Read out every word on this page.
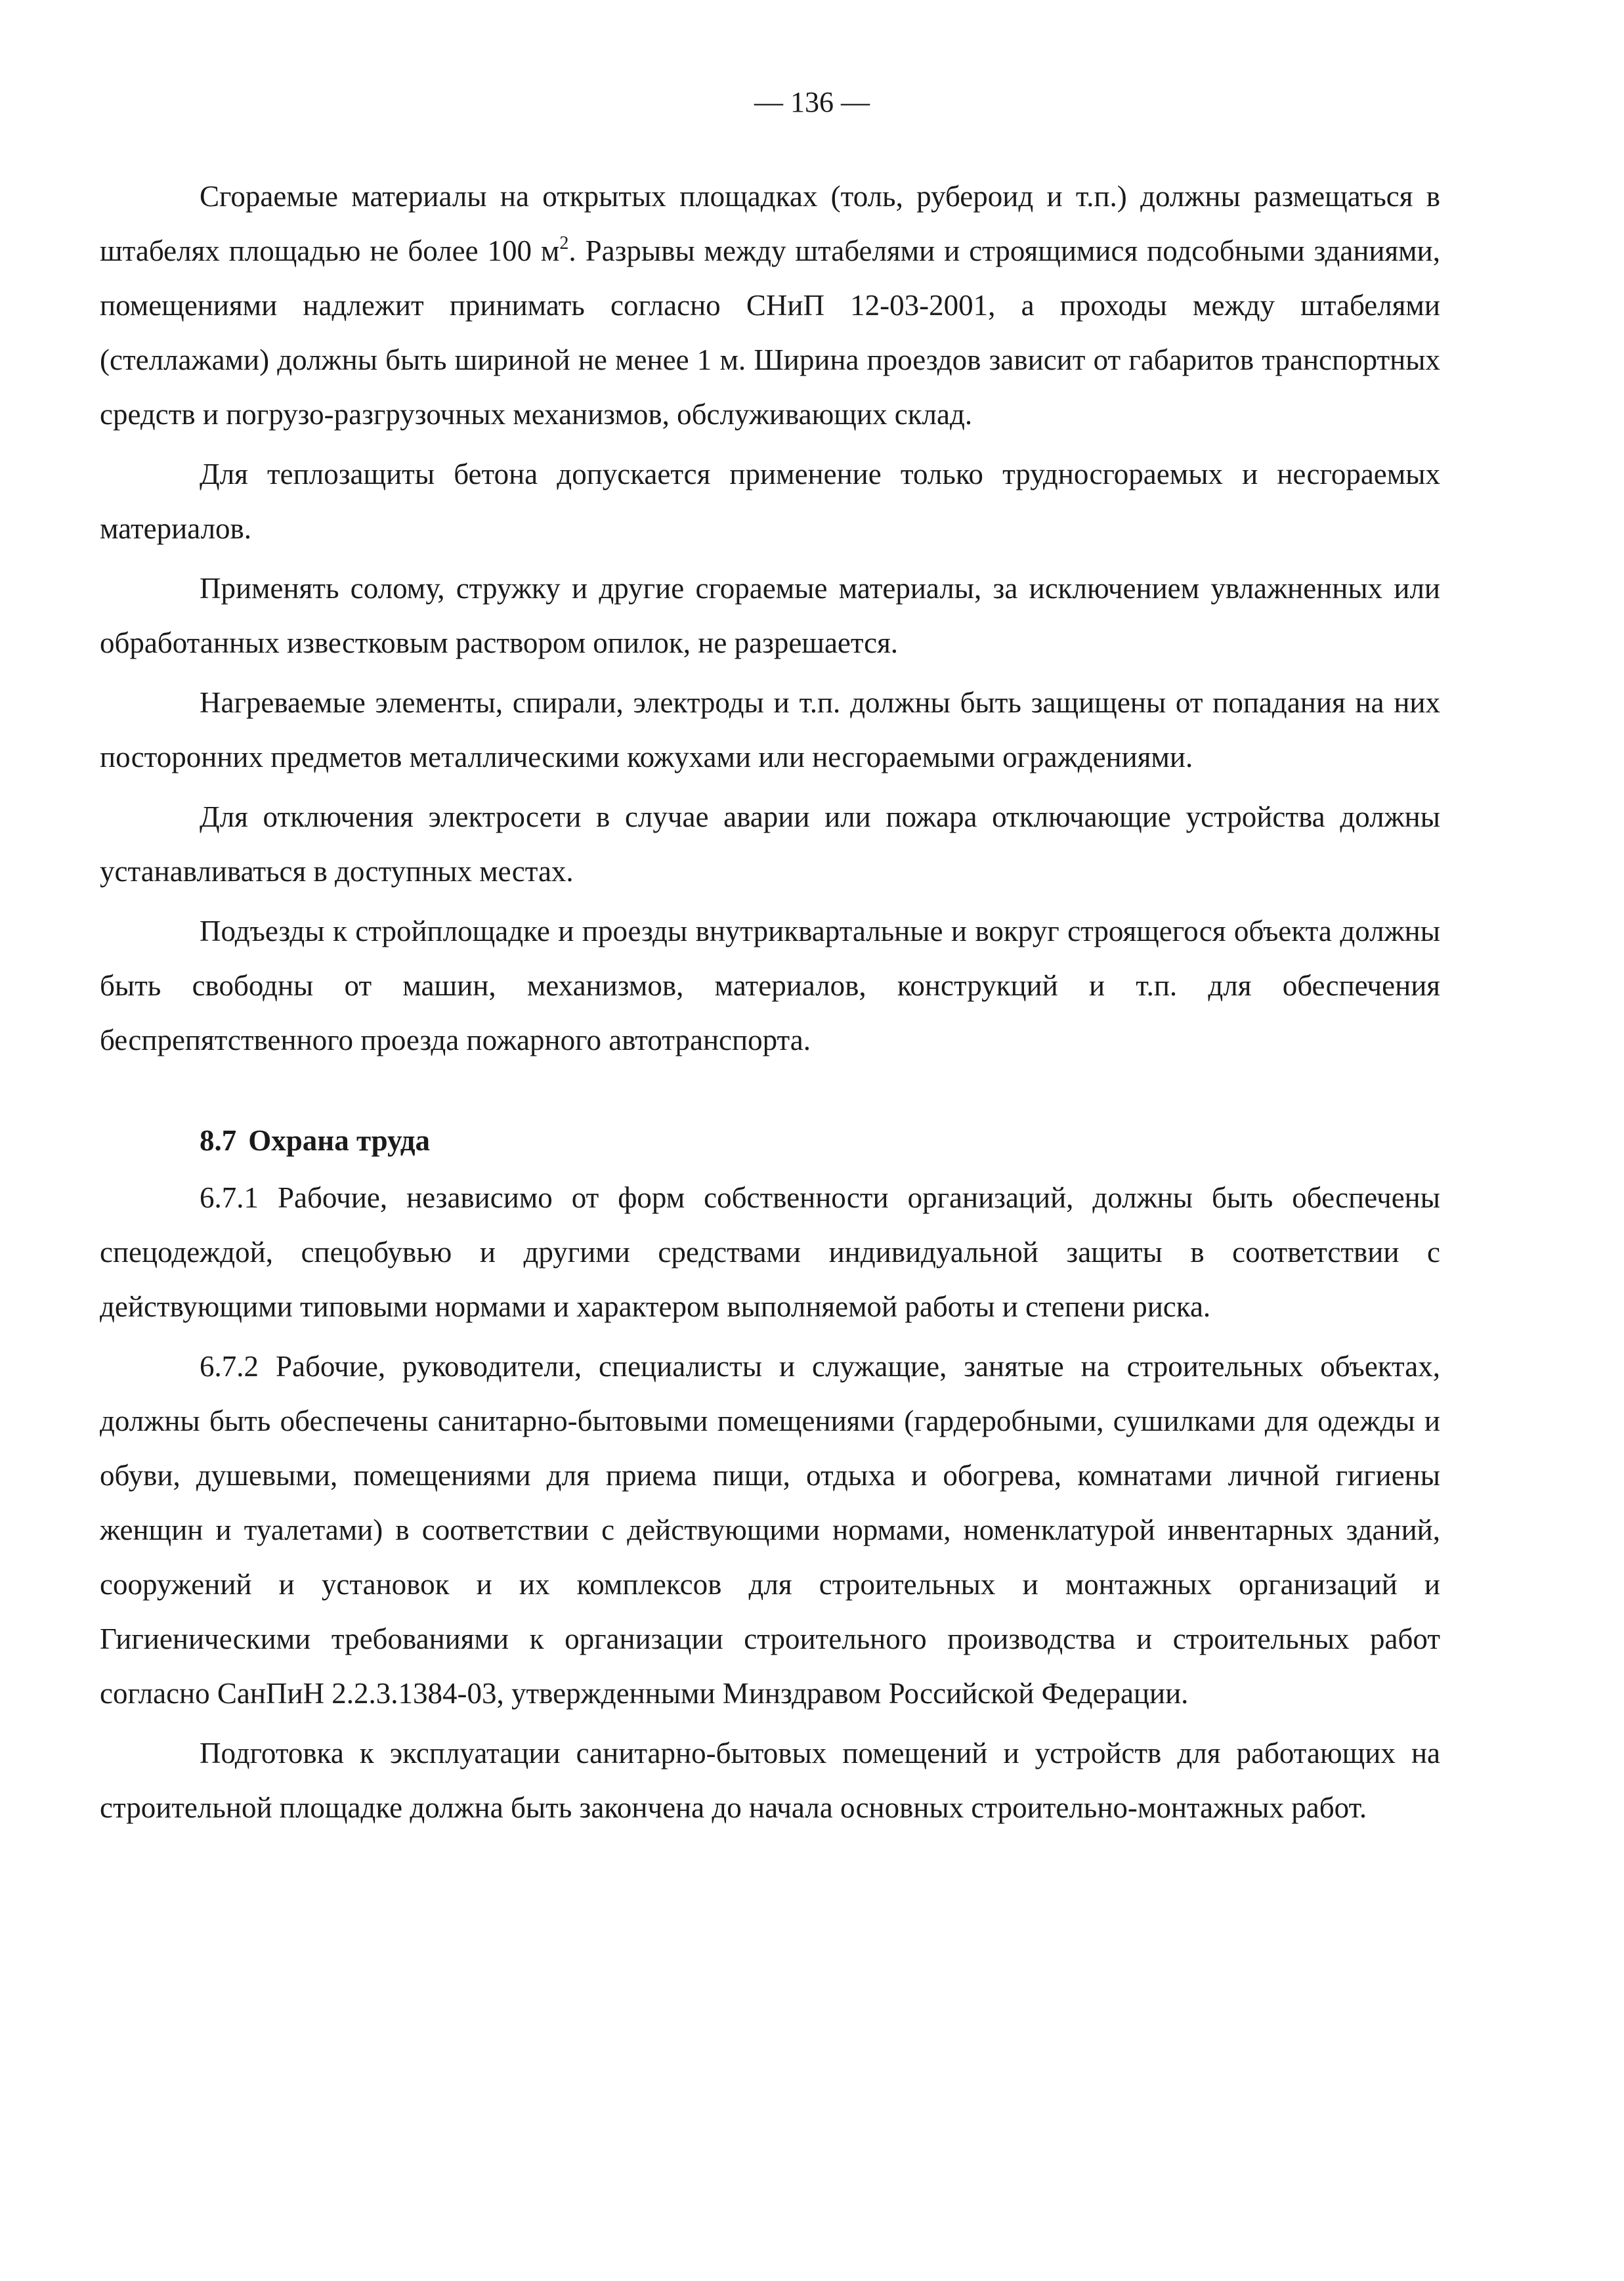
— 136 —

Сгораемые материалы на открытых площадках (толь, рубероид и т.п.) должны размещаться в штабелях площадью не более 100 $м^2$. Разрывы между штабелями и строящимися подсобными зданиями, помещениями надлежит принимать согласно СНиП 12-03-2001, а проходы между штабелями (стеллажами) должны быть шириной не менее 1 м. Ширина проездов зависит от габаритов транспортных средств и погрузо-разгрузочных механизмов, обслуживающих склад.

Для теплозащиты бетона допускается применение только трудносгораемых и несгораемых материалов.

Применять солому, стружку и другие сгораемые материалы, за исключением увлажненных или обработанных известковым раствором опилок, не разрешается.

Нагреваемые элементы, спирали, электроды и т.п. должны быть защищены от попадания на них посторонних предметов металлическими кожухами или несгораемыми ограждениями.

Для отключения электросети в случае аварии или пожара отключающие устройства должны устанавливаться в доступных местах.

Подъезды к стройплощадке и проезды внутриквартальные и вокруг строящегося объекта должны быть свободны от машин, механизмов, материалов, конструкций и т.п. для обеспечения беспрепятственного проезда пожарного автотранспорта.

8.7 Охрана труда

6.7.1 Рабочие, независимо от форм собственности организаций, должны быть обеспечены спецодеждой, спецобувью и другими средствами индивидуальной защиты в соответствии с действующими типовыми нормами и характером выполняемой работы и степени риска.

6.7.2 Рабочие, руководители, специалисты и служащие, занятые на строительных объектах, должны быть обеспечены санитарно-бытовыми помещениями (гардеробными, сушилками для одежды и обуви, душевыми, помещениями для приема пищи, отдыха и обогрева, комнатами личной гигиены женщин и туалетами) в соответствии с действующими нормами, номенклатурой инвентарных зданий, сооружений и установок и их комплексов для строительных и монтажных организаций и Гигиеническими требованиями к организации строительного производства и строительных работ согласно СанПиН 2.2.3.1384-03, утвержденными Минздравом Российской Федерации.

Подготовка к эксплуатации санитарно-бытовых помещений и устройств для работающих на строительной площадке должна быть закончена до начала основных строительно-монтажных работ.
